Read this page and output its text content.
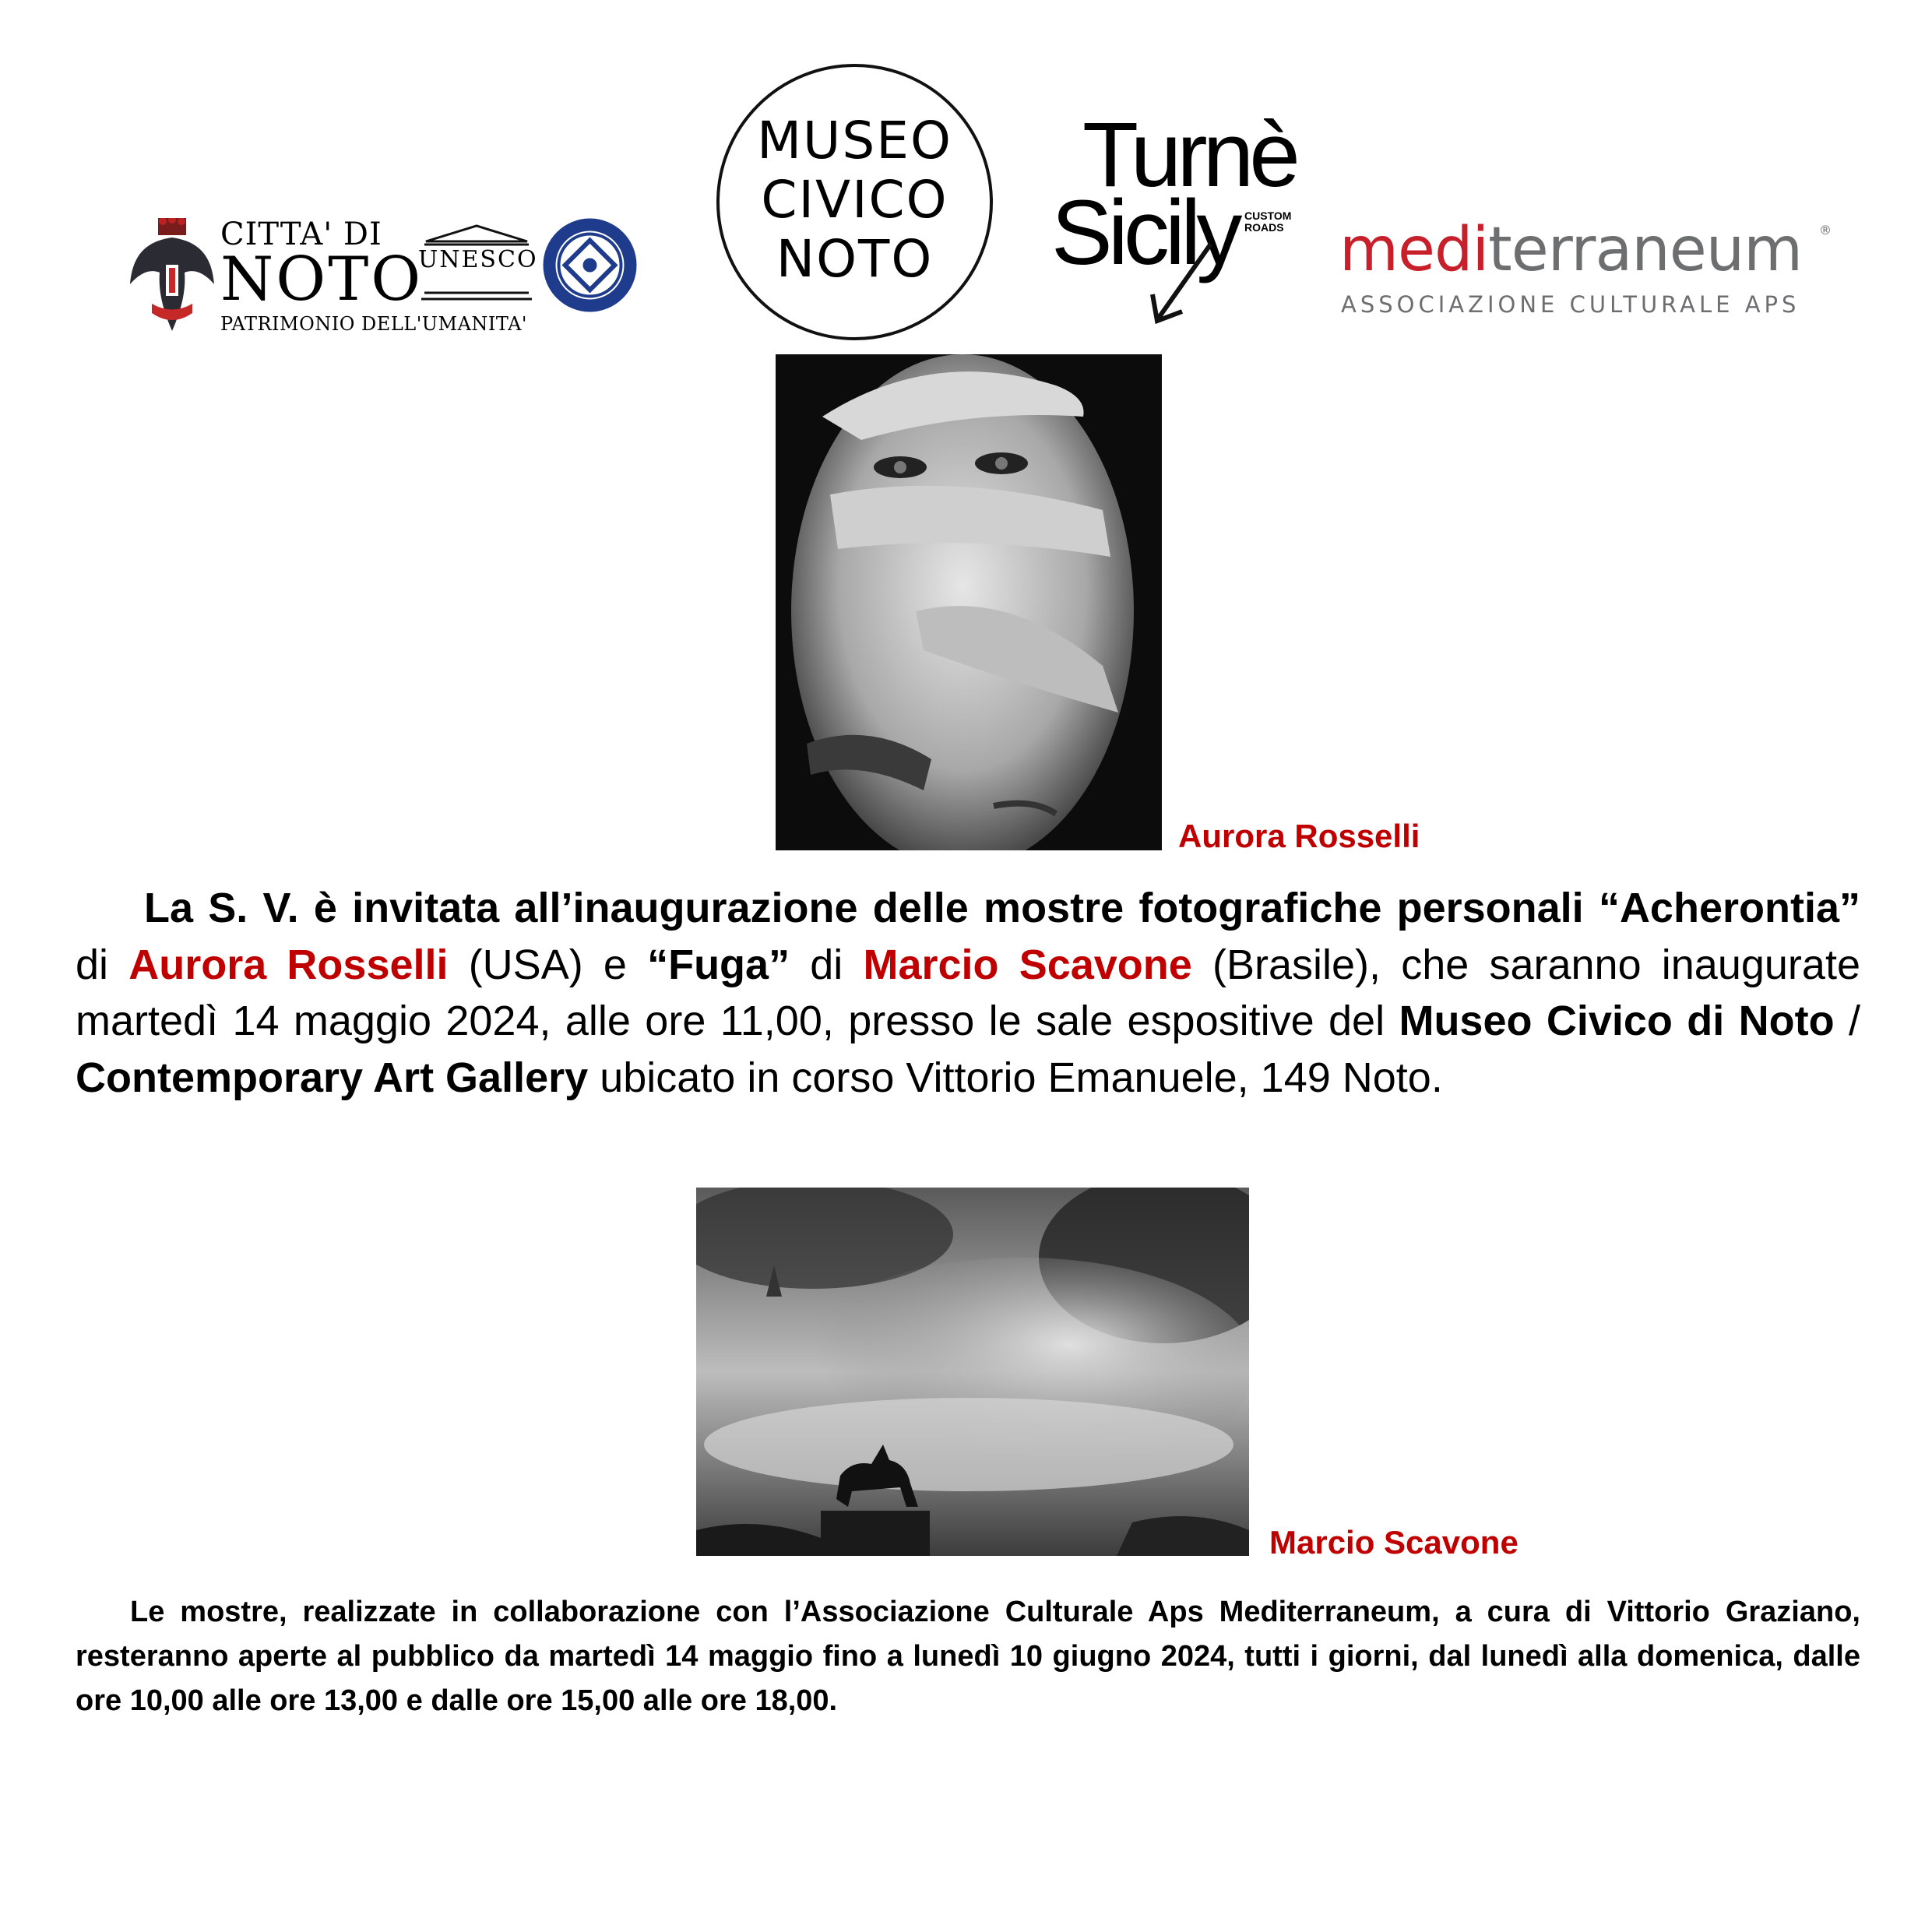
CITTA' DI
NOTO
PATRIMONIO DELL'UMANITA'
UNESCO
MUSEO
CIVICO
NOTO
Turnè
Sicily CUSTOM
ROADS mediterraneum ®
ASSOCIAZIONE CULTURALE APS
Aurora Rosselli
La S. V. è invitata all’inaugurazione delle mostre fotografiche personali “Acherontia” di Aurora Rosselli (USA) e “Fuga” di Marcio Scavone (Brasile), che saranno inaugurate martedì 14 maggio 2024, alle ore 11,00, presso le sale espositive del Museo Civico di Noto / Contemporary Art Gallery ubicato in corso Vittorio Emanuele, 149 Noto.
Marcio Scavone
Le mostre, realizzate in collaborazione con l’Associazione Culturale Aps Mediterraneum, a cura di Vittorio Graziano, resteranno aperte al pubblico da martedì 14 maggio fino a lunedì 10 giugno 2024, tutti i giorni, dal lunedì alla domenica, dalle ore 10,00 alle ore 13,00 e dalle ore 15,00 alle ore 18,00.
